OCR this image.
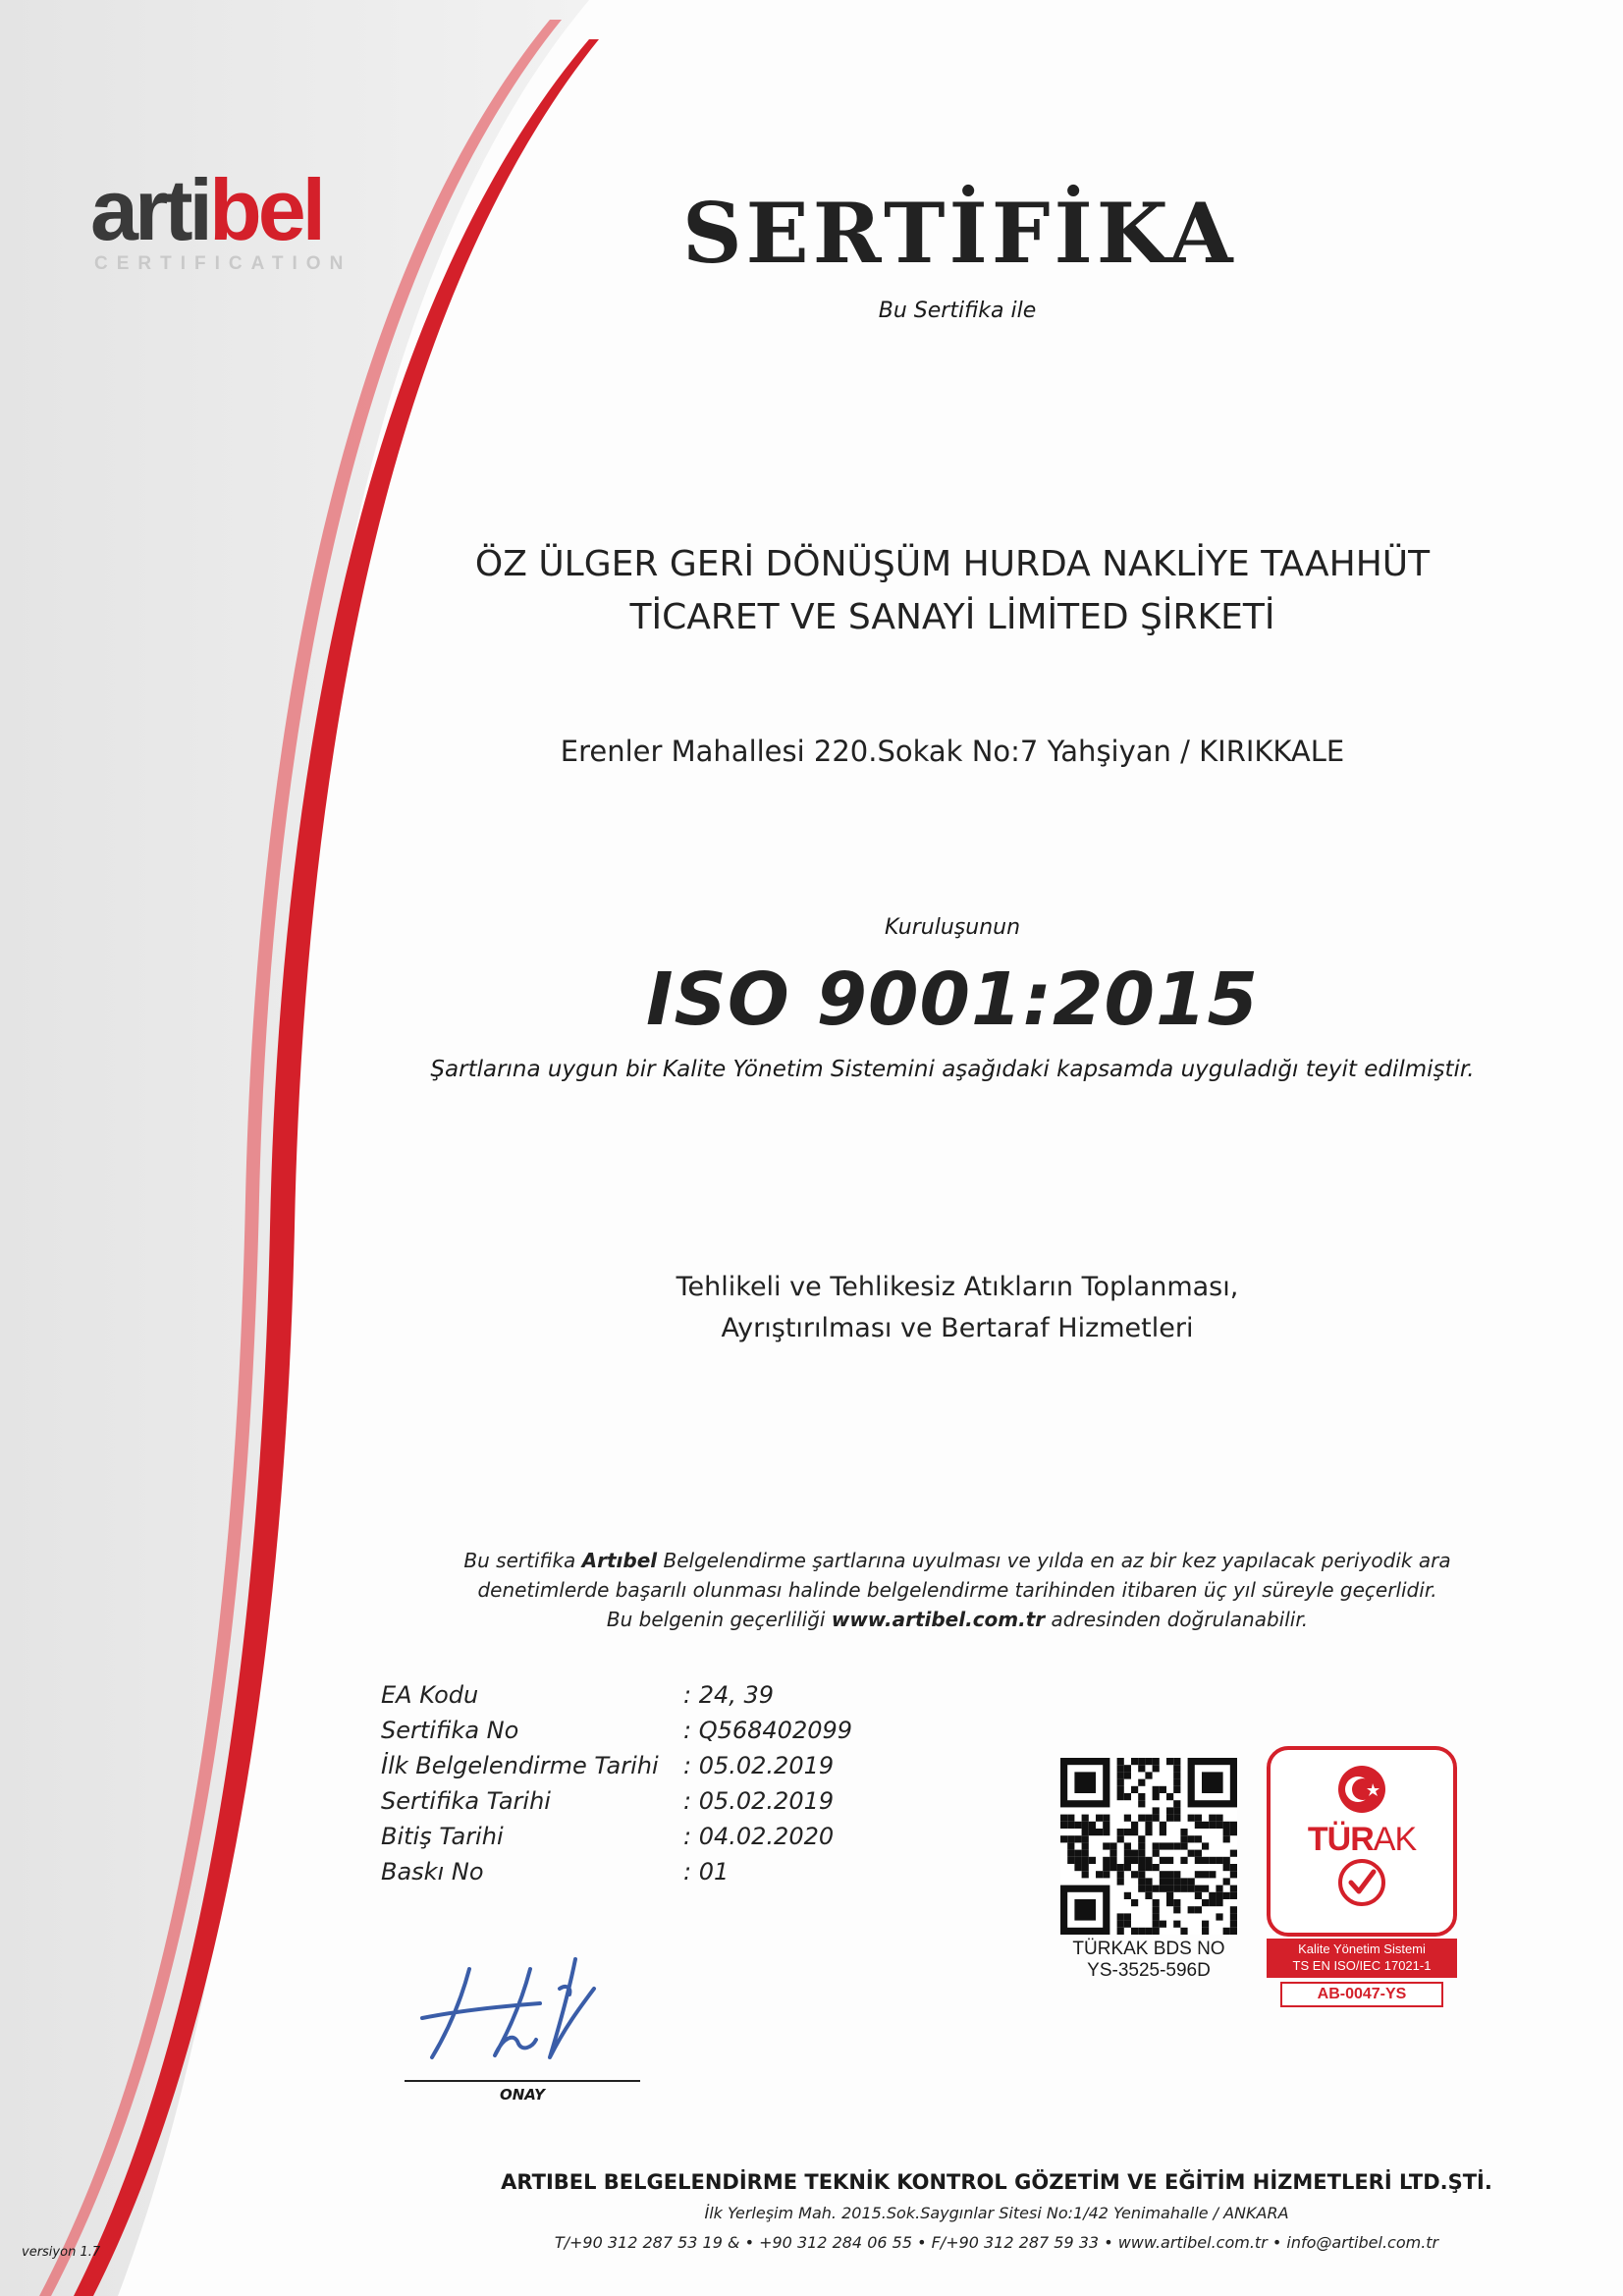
artibel
CERTIFICATION	SERTİFİKA
Bu Sertifika ile
ÖZ ÜLGER GERİ DÖNÜŞÜM HURDA NAKLİYE TAAHHÜT
TİCARET VE SANAYİ LİMİTED ŞİRKETİ
Erenler Mahallesi 220.Sokak No:7 Yahşiyan / KIRIKKALE
Kuruluşunun
ISO 9001:2015
Şartlarına uygun bir Kalite Yönetim Sistemini aşağıdaki kapsamda uyguladığı teyit edilmiştir.
Tehlikeli ve Tehlikesiz Atıkların Toplanması,
Ayrıştırılması ve Bertaraf Hizmetleri
Bu sertifika Artıbel Belgelendirme şartlarına uyulması ve yılda en az bir kez yapılacak periyodik ara
denetimlerde başarılı olunması halinde belgelendirme tarihinden itibaren üç yıl süreyle geçerlidir.
Bu belgenin geçerliliği www.artibel.com.tr adresinden doğrulanabilir.
EA Kodu	: 24, 39
Sertifika No	: Q568402099
İlk Belgelendirme Tarihi : 05.02.2019
Sertifika Tarihi	: 05.02.2019
Bitiş Tarihi	: 04.02.2020
Baskı No	: 01
TÜRKAK BDS NO
YS-3525-596D
TÜRAK
Kalite Yönetim Sistemi
TS EN ISO/IEC 17021-1
AB-0047-YS
ONAY
ARTIBEL BELGELENDİRME TEKNİK KONTROL GÖZETİM VE EĞİTİM HİZMETLERİ LTD.ŞTİ.
İlk Yerleşim Mah. 2015.Sok.Saygınlar Sitesi No:1/42 Yenimahalle / ANKARA
T/+90 312 287 53 19 & • +90 312 284 06 55 • F/+90 312 287 59 33 • www.artibel.com.tr • info@artibel.com.tr
versiyon 1.7
